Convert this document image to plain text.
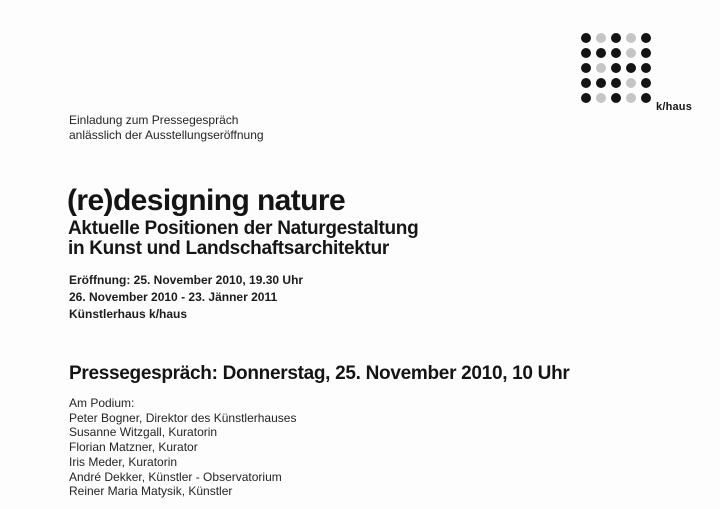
k/haus
Einladung zum Pressegespräch
anlässlich der Ausstellungseröffnung
(re)designing nature
Aktuelle Positionen der Naturgestaltung
in Kunst und Landschaftsarchitektur
Eröffnung: 25. November 2010, 19.30 Uhr
26. November 2010 - 23. Jänner 2011
Künstlerhaus k/haus
Pressegespräch: Donnerstag, 25. November 2010, 10 Uhr
Am Podium:
Peter Bogner, Direktor des Künstlerhauses
Susanne Witzgall, Kuratorin
Florian Matzner, Kurator
Iris Meder, Kuratorin
André Dekker, Künstler - Observatorium
Reiner Maria Matysik, Künstler
